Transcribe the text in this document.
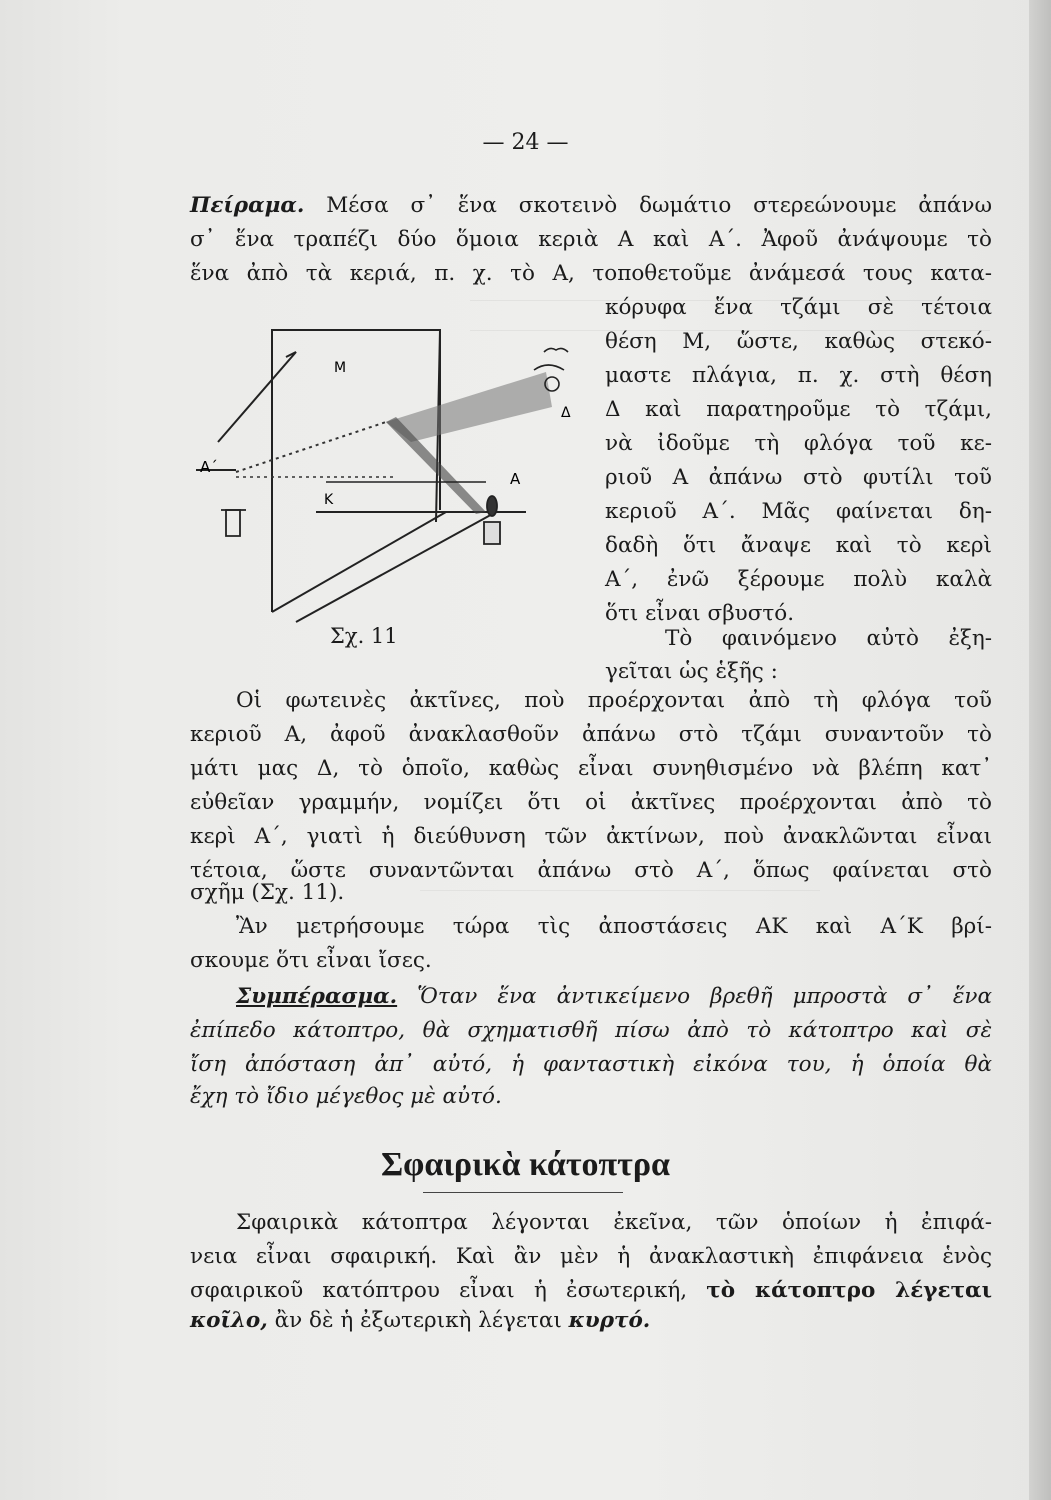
— 24 —
Πείραμα. Μέσα σ᾽ ἕνα σκοτεινὸ δωμάτιο στερεώνουμε ἀπάνω
σ᾽ ἕνα τραπέζι δύο ὅμοια κεριὰ Α καὶ Α΄. Ἀφοῦ ἀνάψουμε τὸ
ἕνα ἀπὸ τὰ κεριά, π. χ. τὸ Α, τοποθετοῦμε ἀνάμεσά τους κατα-
κόρυφα ἕνα τζάμι σὲ τέτοια
θέση Μ, ὥστε, καθὼς στεκό-
μαστε πλάγια, π. χ. στὴ θέση
Δ καὶ παρατηροῦμε τὸ τζάμι,
νὰ ἰδοῦμε τὴ φλόγα τοῦ κε-
ριοῦ Α ἀπάνω στὸ φυτίλι τοῦ
κεριοῦ Α΄. Μᾶς φαίνεται δη-
δαδὴ ὅτι ἄναψε καὶ τὸ κερὶ
Α΄, ἐνῶ ξέρουμε πολὺ καλὰ
ὅτι εἶναι σβυστό.
Τὸ φαινόμενο αὐτὸ ἐξη-
γεῖται ὡς ἑξῆς :
Μ
Δ
Α΄
Κ
Α
Σχ. 11
Οἱ φωτεινὲς ἀκτῖνες, ποὺ προέρχονται ἀπὸ τὴ φλόγα τοῦ
κεριοῦ Α, ἀφοῦ ἀνακλασθοῦν ἀπάνω στὸ τζάμι συναντοῦν τὸ
μάτι μας Δ, τὸ ὁποῖο, καθὼς εἶναι συνηθισμένο νὰ βλέπη κατ᾽
εὐθεῖαν γραμμήν, νομίζει ὅτι οἱ ἀκτῖνες προέρχονται ἀπὸ τὸ
κερὶ Α΄, γιατὶ ἡ διεύθυνση τῶν ἀκτίνων, ποὺ ἀνακλῶνται εἶναι
τέτοια, ὥστε συναντῶνται ἀπάνω στὸ Α΄, ὅπως φαίνεται στὸ
σχῆμ (Σχ. 11).
Ἂν μετρήσουμε τώρα τὶς ἀποστάσεις ΑΚ καὶ Α΄Κ βρί-
σκουμε ὅτι εἶναι ἴσες.
Συμπέρασμα. Ὅταν ἕνα ἀντικείμενο βρεθῆ μπροστὰ σ᾽ ἕνα
ἐπίπεδο κάτοπτρο, θὰ σχηματισθῆ πίσω ἀπὸ τὸ κάτοπτρο καὶ σὲ
ἴση ἀπόσταση ἀπ᾽ αὐτό, ἡ φανταστικὴ εἰκόνα του, ἡ ὁποία θὰ
ἔχη τὸ ἴδιο μέγεθος μὲ αὐτό.
Σφαιρικὰ κάτοπτρα
Σφαιρικὰ κάτοπτρα λέγονται ἐκεῖνα, τῶν ὁποίων ἡ ἐπιφά-
νεια εἶναι σφαιρική. Καὶ ἂν μὲν ἡ ἀνακλαστικὴ ἐπιφάνεια ἑνὸς
σφαιρικοῦ κατόπτρου εἶναι ἡ ἐσωτερική, τὸ κάτοπτρο λέγεται
κοῖλο, ἂν δὲ ἡ ἐξωτερικὴ λέγεται κυρτό.
